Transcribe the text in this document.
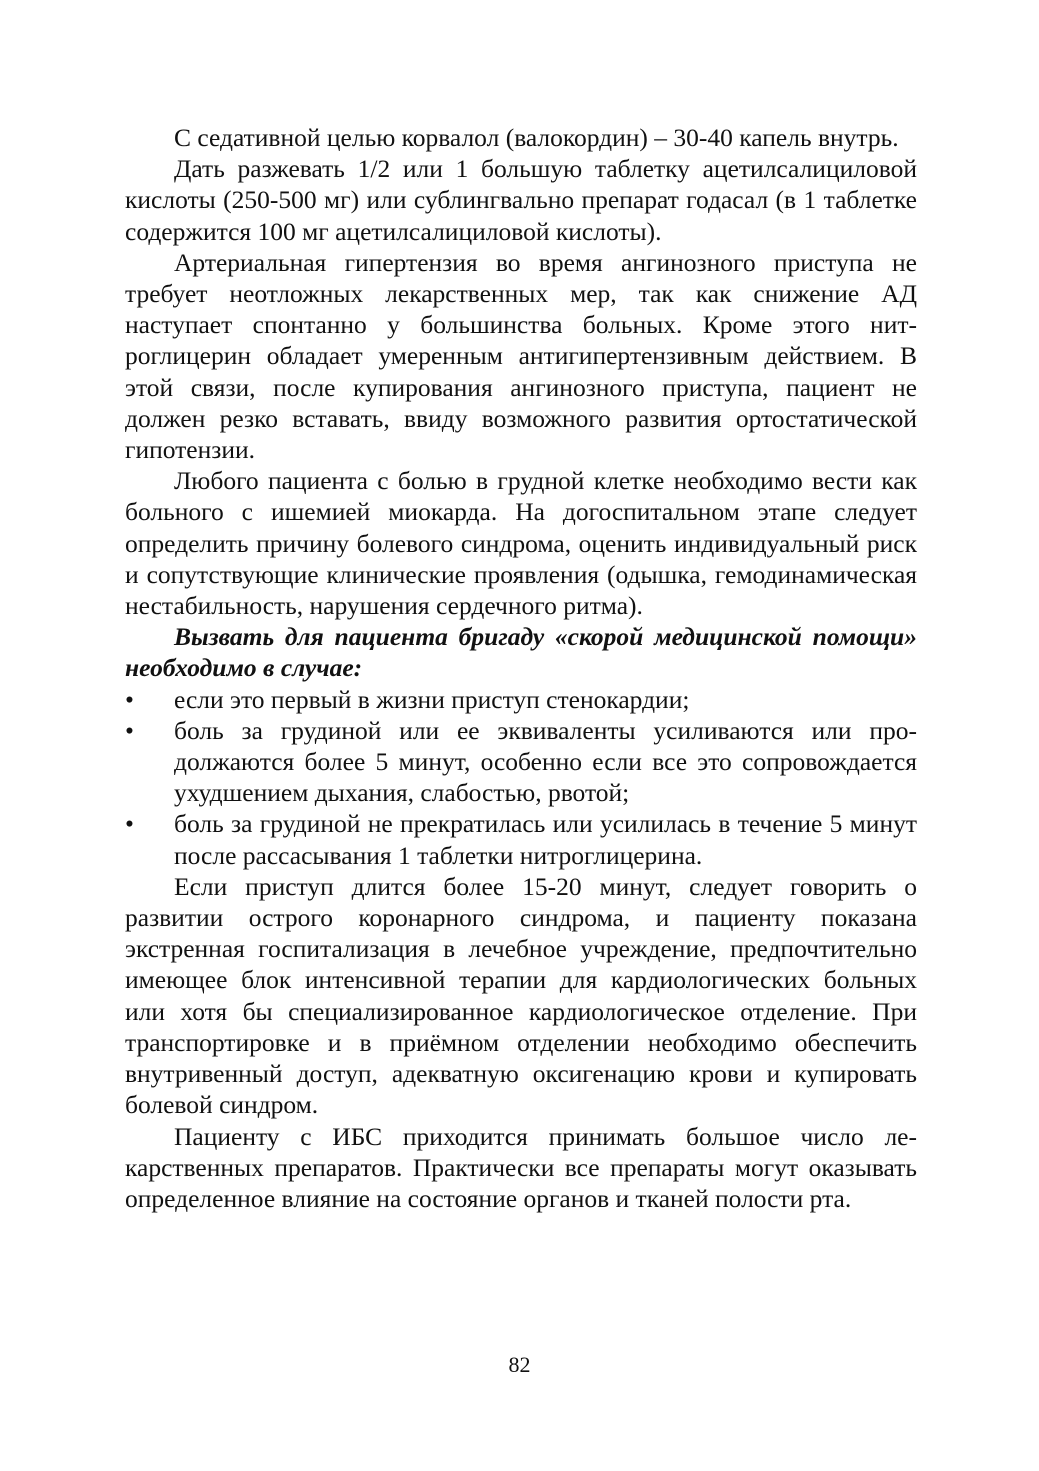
С седативной целью корвалол (валокордин) – 30-40 капель внутрь.

Дать разжевать 1/2 или 1 большую таблетку ацетилсалициловой кислоты (250-500 мг) или сублингвально препарат годасал (в 1 таблетке содержится 100 мг ацетилсалициловой кислоты).

Артериальная гипертензия во время ангинозного приступа не требует неотложных лекарственных мер, так как снижение АД наступает спонтанно у большинства больных. Кроме этого нитроглицерин обладает умеренным антигипертензивным действием. В этой связи, после купирования ангинозного приступа, пациент не должен резко вставать, ввиду возможного развития ортостатической гипотензии.

Любого пациента с болью в грудной клетке необходимо вести как больного с ишемией миокарда. На догоспитальном этапе следует определить причину болевого синдрома, оценить индивидуальный риск и сопутствующие клинические проявления (одышка, гемодинамическая нестабильность, нарушения сердечного ритма).

Вызвать для пациента бригаду «скорой медицинской помощи» необходимо в случае:

• если это первый в жизни приступ стенокардии;
• боль за грудиной или ее эквиваленты усиливаются или продолжаются более 5 минут, особенно если все это сопровождается ухудшением дыхания, слабостью, рвотой;
• боль за грудиной не прекратилась или усилилась в течение 5 минут после рассасывания 1 таблетки нитроглицерина.

Если приступ длится более 15-20 минут, следует говорить о развитии острого коронарного синдрома, и пациенту показана экстренная госпитализация в лечебное учреждение, предпочтительно имеющее блок интенсивной терапии для кардиологических больных или хотя бы специализированное кардиологическое отделение. При транспортировке и в приёмном отделении необходимо обеспечить внутривенный доступ, адекватную оксигенацию крови и купировать болевой синдром.

Пациенту с ИБС приходится принимать большое число лекарственных препаратов. Практически все препараты могут оказывать определенное влияние на состояние органов и тканей полости рта.

82
